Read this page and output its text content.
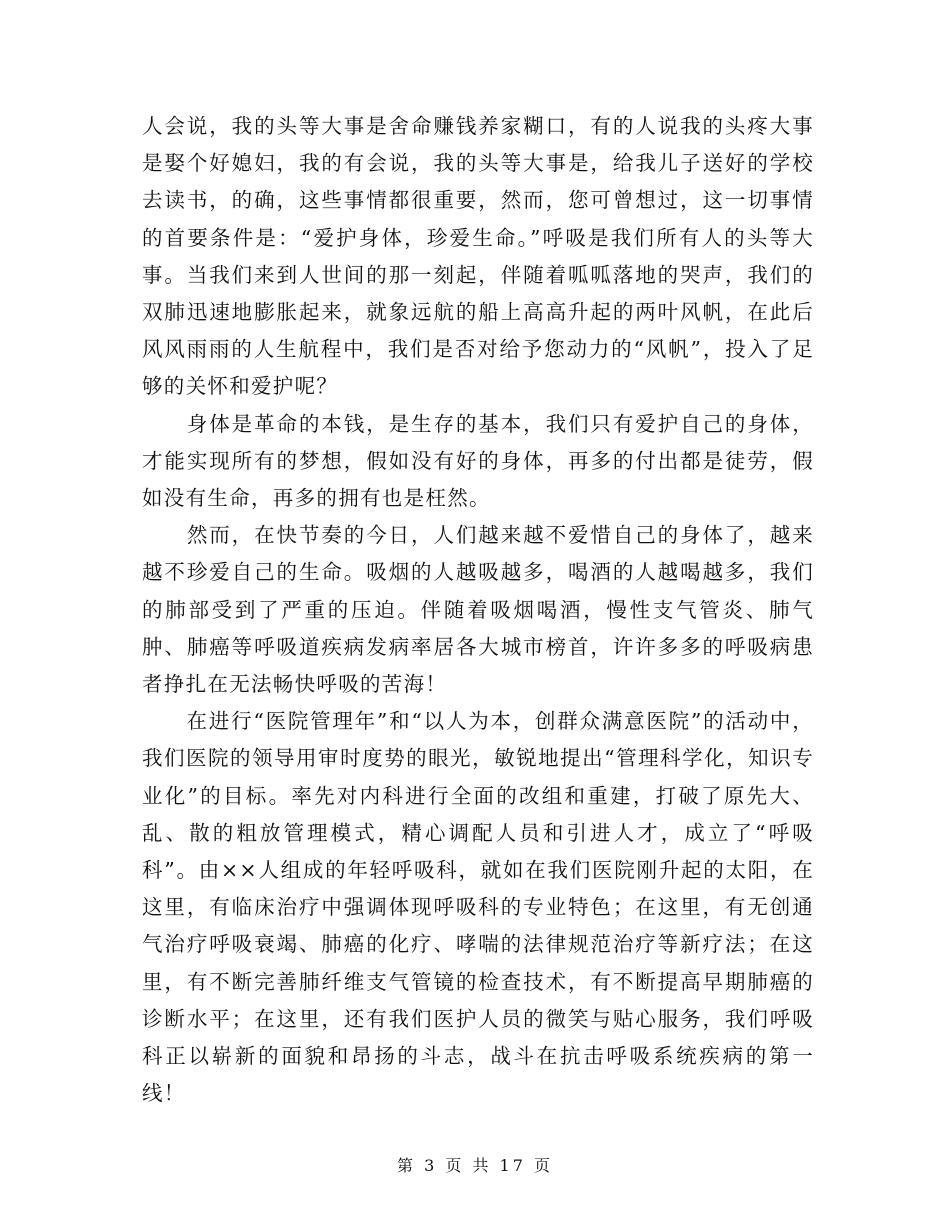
人会说，我的头等大事是舍命赚钱养家糊口，有的人说我的头疼大事是娶个好媳妇，我的有会说，我的头等大事是，给我儿子送好的学校去读书，的确，这些事情都很重要，然而，您可曾想过，这一切事情的首要条件是：“爱护身体，珍爱生命。”呼吸是我们所有人的头等大事。当我们来到人世间的那一刻起，伴随着呱呱落地的哭声，我们的双肺迅速地膨胀起来，就象远航的船上高高升起的两叶风帆，在此后风风雨雨的人生航程中，我们是否对给予您动力的“风帆”，投入了足够的关怀和爱护呢？

　　身体是革命的本钱，是生存的基本，我们只有爱护自己的身体，才能实现所有的梦想，假如没有好的身体，再多的付出都是徒劳，假如没有生命，再多的拥有也是枉然。

　　然而，在快节奏的今日，人们越来越不爱惜自己的身体了，越来越不珍爱自己的生命。吸烟的人越吸越多，喝酒的人越喝越多，我们的肺部受到了严重的压迫。伴随着吸烟喝酒，慢性支气管炎、肺气肿、肺癌等呼吸道疾病发病率居各大城市榜首，许许多多的呼吸病患者挣扎在无法畅快呼吸的苦海！

　　在进行“医院管理年”和“以人为本，创群众满意医院”的活动中，我们医院的领导用审时度势的眼光，敏锐地提出“管理科学化，知识专业化”的目标。率先对内科进行全面的改组和重建，打破了原先大、乱、散的粗放管理模式，精心调配人员和引进人才，成立了“呼吸科”。由××人组成的年轻呼吸科，就如在我们医院刚升起的太阳，在这里，有临床治疗中强调体现呼吸科的专业特色；在这里，有无创通气治疗呼吸衰竭、肺癌的化疗、哮喘的法律规范治疗等新疗法；在这里，有不断完善肺纤维支气管镜的检查技术，有不断提高早期肺癌的诊断水平；在这里，还有我们医护人员的微笑与贴心服务，我们呼吸科正以崭新的面貌和昂扬的斗志，战斗在抗击呼吸系统疾病的第一线！

第 3 页 共 17 页
